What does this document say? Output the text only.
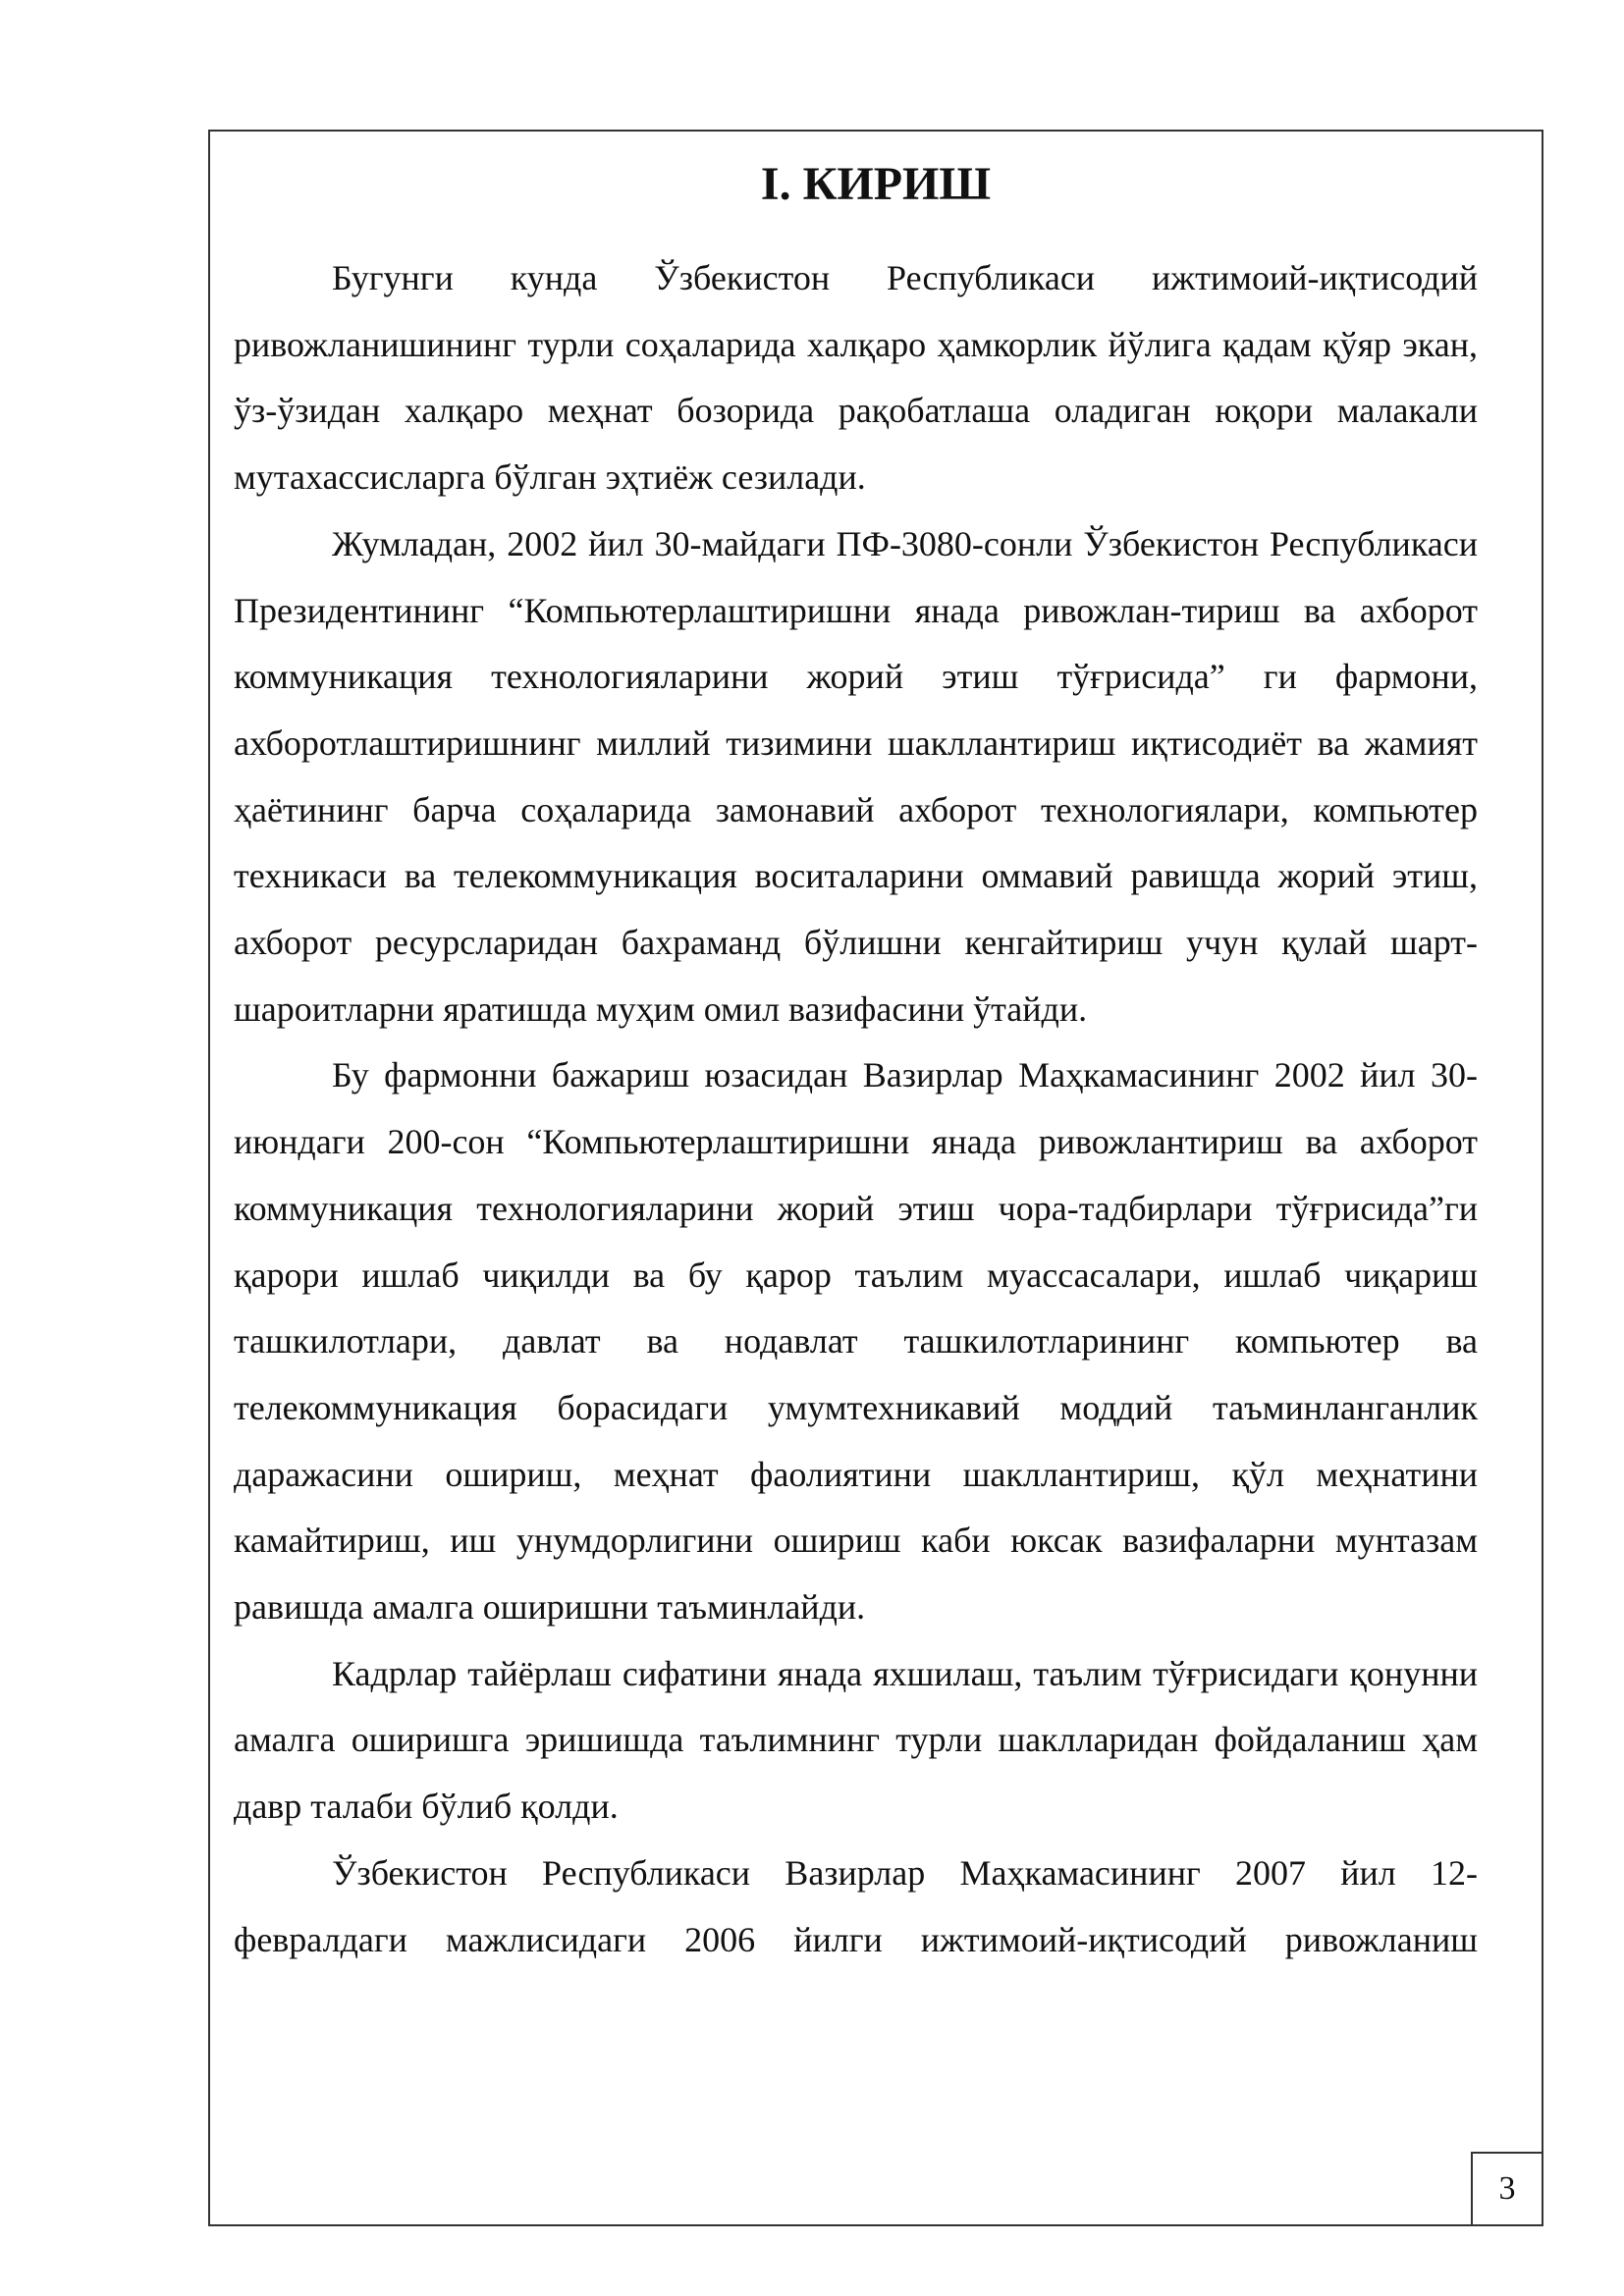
I. КИРИШ

Бугунги кунда Ўзбекистон Республикаси ижтимоий-иқтисодий ривожланишининг турли соҳаларида халқаро ҳамкорлик йўлига қадам қўяр экан, ўз-ўзидан халқаро меҳнат бозорида рақобатлаша оладиган юқори малакали мутахассисларга бўлган эҳтиёж сезилади.

Жумладан, 2002 йил 30-майдаги ПФ-3080-сонли Ўзбекистон Республикаси Президентининг “Компьютерлаштиришни янада ривожлан-тириш ва ахборот коммуникация технологияларини жорий этиш тўғрисида” ги фармони, ахборотлаштиришнинг миллий тизимини шакллантириш иқтисодиёт ва жамият ҳаётининг барча соҳаларида замонавий ахборот технологиялари, компьютер техникаси ва телекоммуникация воситаларини оммавий равишда жорий этиш, ахборот ресурсларидан бахраманд бўлишни кенгайтириш учун қулай шарт-шароитларни яратишда муҳим омил вазифасини ўтайди.

Бу фармонни бажариш юзасидан Вазирлар Маҳкамасининг 2002 йил 30-июндаги 200-сон “Компьютерлаштиришни янада ривожлантириш ва ахборот коммуникация технологияларини жорий этиш чора-тадбирлари тўғрисида”ги қарори ишлаб чиқилди ва бу қарор таълим муассасалари, ишлаб чиқариш ташкилотлари, давлат ва нодавлат ташкилотларининг компьютер ва телекоммуникация борасидаги умумтехникавий моддий таъминланганлик даражасини ошириш, меҳнат фаолиятини шакллантириш, қўл меҳнатини камайтириш, иш унумдорлигини ошириш каби юксак вазифаларни мунтазам равишда амалга оширишни таъминлайди.

Кадрлар тайёрлаш сифатини янада яхшилаш, таълим тўғрисидаги қонунни амалга оширишга эришишда таълимнинг турли шаклларидан фойдаланиш ҳам давр талаби бўлиб қолди.

Ўзбекистон Республикаси Вазирлар Маҳкамасининг 2007 йил 12-февралдаги мажлисидаги 2006 йилги ижтимоий-иқтисодий ривожланиш

3
